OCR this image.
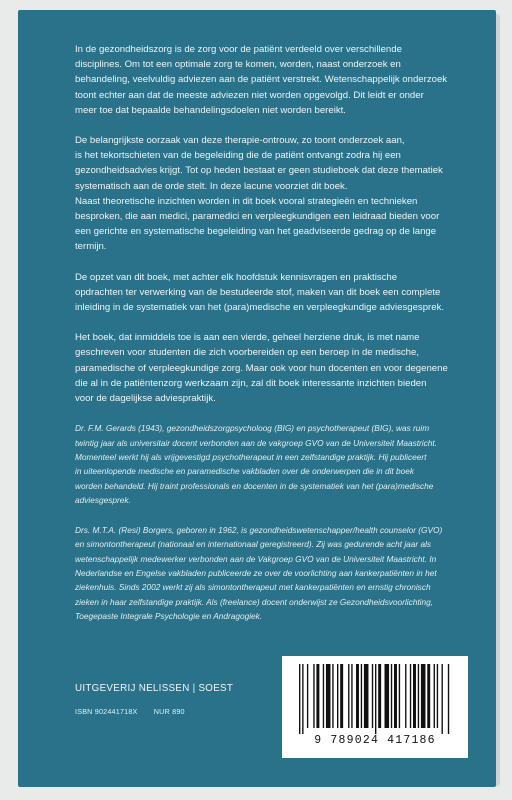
In de gezondheidszorg is de zorg voor de patiënt verdeeld over verschillende
disciplines. Om tot een optimale zorg te komen, worden, naast onderzoek en
behandeling, veelvuldig adviezen aan de patiënt verstrekt. Wetenschappelijk onderzoek
toont echter aan dat de meeste adviezen niet worden opgevolgd. Dit leidt er onder
meer toe dat bepaalde behandelingsdoelen niet worden bereikt.

De belangrijkste oorzaak van deze therapie-ontrouw, zo toont onderzoek aan,
is het tekortschieten van de begeleiding die de patiënt ontvangt zodra hij een
gezondheidsadvies krijgt. Tot op heden bestaat er geen studieboek dat deze thematiek
systematisch aan de orde stelt. In deze lacune voorziet dit boek.
Naast theoretische inzichten worden in dit boek vooral strategieën en technieken
besproken, die aan medici, paramedici en verpleegkundigen een leidraad bieden voor
een gerichte en systematische begeleiding van het geadviseerde gedrag op de lange
termijn.

De opzet van dit boek, met achter elk hoofdstuk kennisvragen en praktische
opdrachten ter verwerking van de bestudeerde stof, maken van dit boek een complete
inleiding in de systematiek van het (para)medische en verpleegkundige adviesgesprek.

Het boek, dat inmiddels toe is aan een vierde, geheel herziene druk, is met name
geschreven voor studenten die zich voorbereiden op een beroep in de medische,
paramedische of verpleegkundige zorg. Maar ook voor hun docenten en voor degenene
die al in de patiëntenzorg werkzaam zijn, zal dit boek interessante inzichten bieden
voor de dagelijkse adviespraktijk.

Dr. F.M. Gerards (1943), gezondheidszorgpsycholoog (BIG) en psychotherapeut (BIG), was ruim
twintig jaar als universitair docent verbonden aan de vakgroep GVO van de Universiteit Maastricht.
Momenteel werkt hij als vrijgevestigd psychotherapeut in een zelfstandige praktijk. Hij publiceert
in uiteenlopende medische en paramedische vakbladen over de onderwerpen die in dit boek
worden behandeld. Hij traint professionals en docenten in de systematiek van het (para)medische
adviesgesprek.

Drs. M.T.A. (Resi) Borgers, geboren in 1962, is gezondheidswetenschapper/health counselor (GVO)
en simontontherapeut (nationaal en internationaal geregistreerd). Zij was gedurende acht jaar als
wetenschappelijk medewerker verbonden aan de Vakgroep GVO van de Universiteit Maastricht. In
Nederlandse en Engelse vakbladen publiceerde ze over de voorlichting aan kankerpatiënten in het
ziekenhuis. Sinds 2002 werkt zij als simontontherapeut met kankerpatiënten en ernstig chronisch
zieken in haar zelfstandige praktijk. Als (freelance) docent onderwijst ze Gezondheidsvoorlichting,
Toegepaste Integrale Psychologie en Andragogiek.

UITGEVERIJ NELISSEN | SOEST
ISBN 902441718X NUR 890
9 789024 417186
